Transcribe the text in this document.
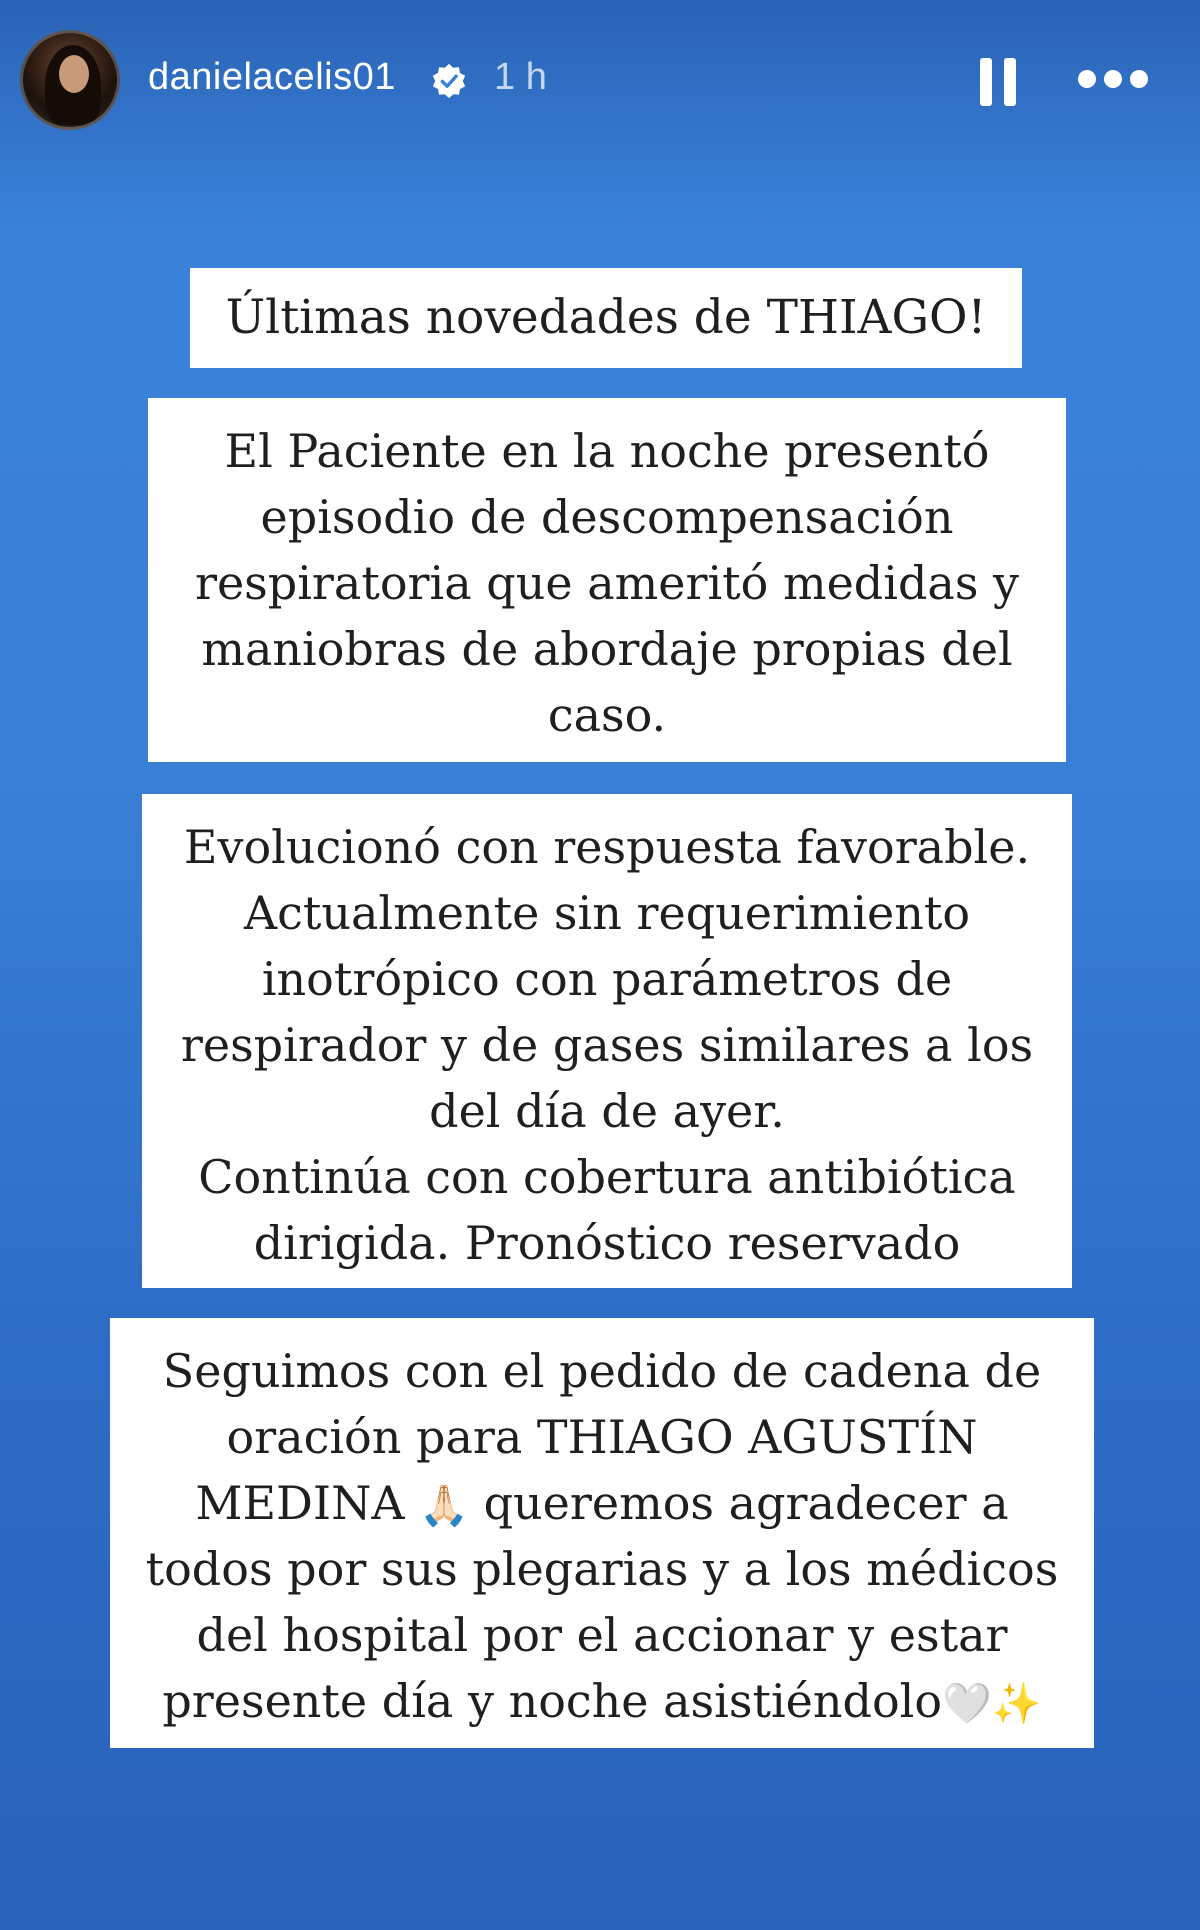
danielacelis01	1 h
Últimas novedades de THIAGO!
El Paciente en la noche presentó
episodio de descompensación
respiratoria que ameritó medidas y
maniobras de abordaje propias del
caso.
Evolucionó con respuesta favorable.
Actualmente sin requerimiento
inotrópico con parámetros de
respirador y de gases similares a los
del día de ayer.
Continúa con cobertura antibiótica
dirigida. Pronóstico reservado
Seguimos con el pedido de cadena de
oración para THIAGO AGUSTÍN
MEDINA 🙏🏻 queremos agradecer a
todos por sus plegarias y a los médicos
del hospital por el accionar y estar
presente día y noche asistiéndolo🤍✨
